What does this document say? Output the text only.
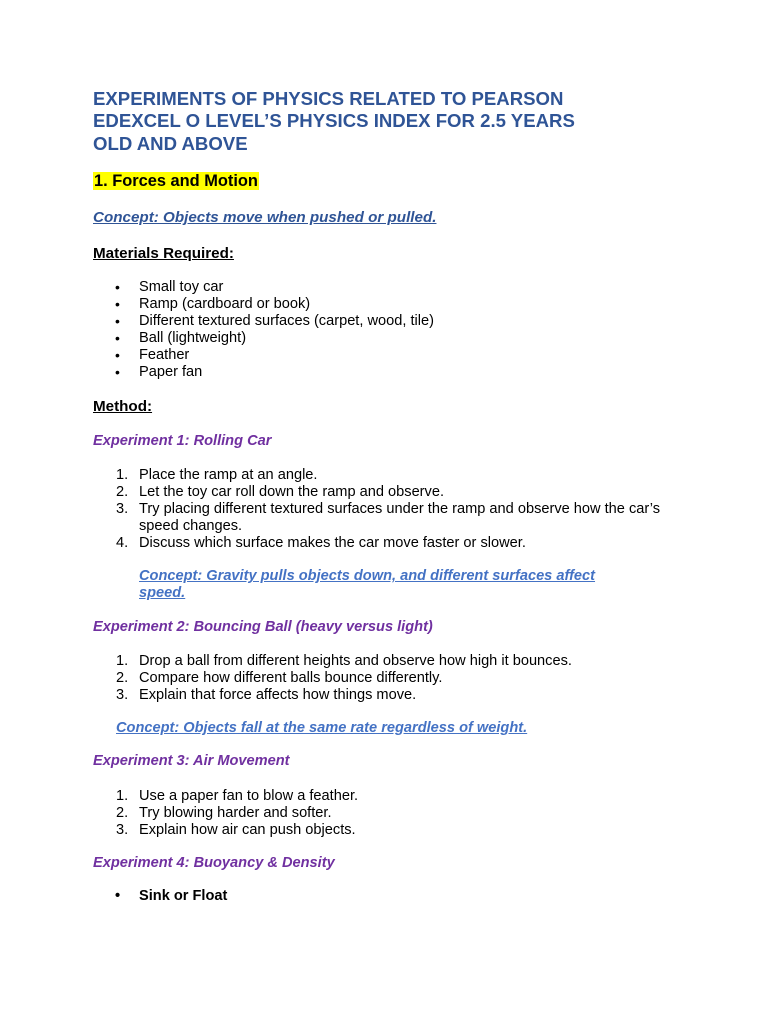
EXPERIMENTS OF PHYSICS RELATED TO PEARSON
EDEXCEL O LEVEL’S PHYSICS INDEX FOR 2.5 YEARS
OLD AND ABOVE
1. Forces and Motion

Concept: Objects move when pushed or pulled.

Materials Required:
• Small toy car
• Ramp (cardboard or book)
• Different textured surfaces (carpet, wood, tile)
• Ball (lightweight)
• Feather
• Paper fan
Method:
Experiment 1: Rolling Car
1. Place the ramp at an angle.
2. Let the toy car roll down the ramp and observe.
3. Try placing different textured surfaces under the ramp and observe how the car’s speed changes.
4. Discuss which surface makes the car move faster or slower.

Concept: Gravity pulls objects down, and different surfaces affect speed.

Experiment 2: Bouncing Ball (heavy versus light)
1. Drop a ball from different heights and observe how high it bounces.
2. Compare how different balls bounce differently.
3. Explain that force affects how things move.

Concept: Objects fall at the same rate regardless of weight.

Experiment 3: Air Movement
1. Use a paper fan to blow a feather.
2. Try blowing harder and softer.
3. Explain how air can push objects.
Experiment 4: Buoyancy & Density
• Sink or Float
